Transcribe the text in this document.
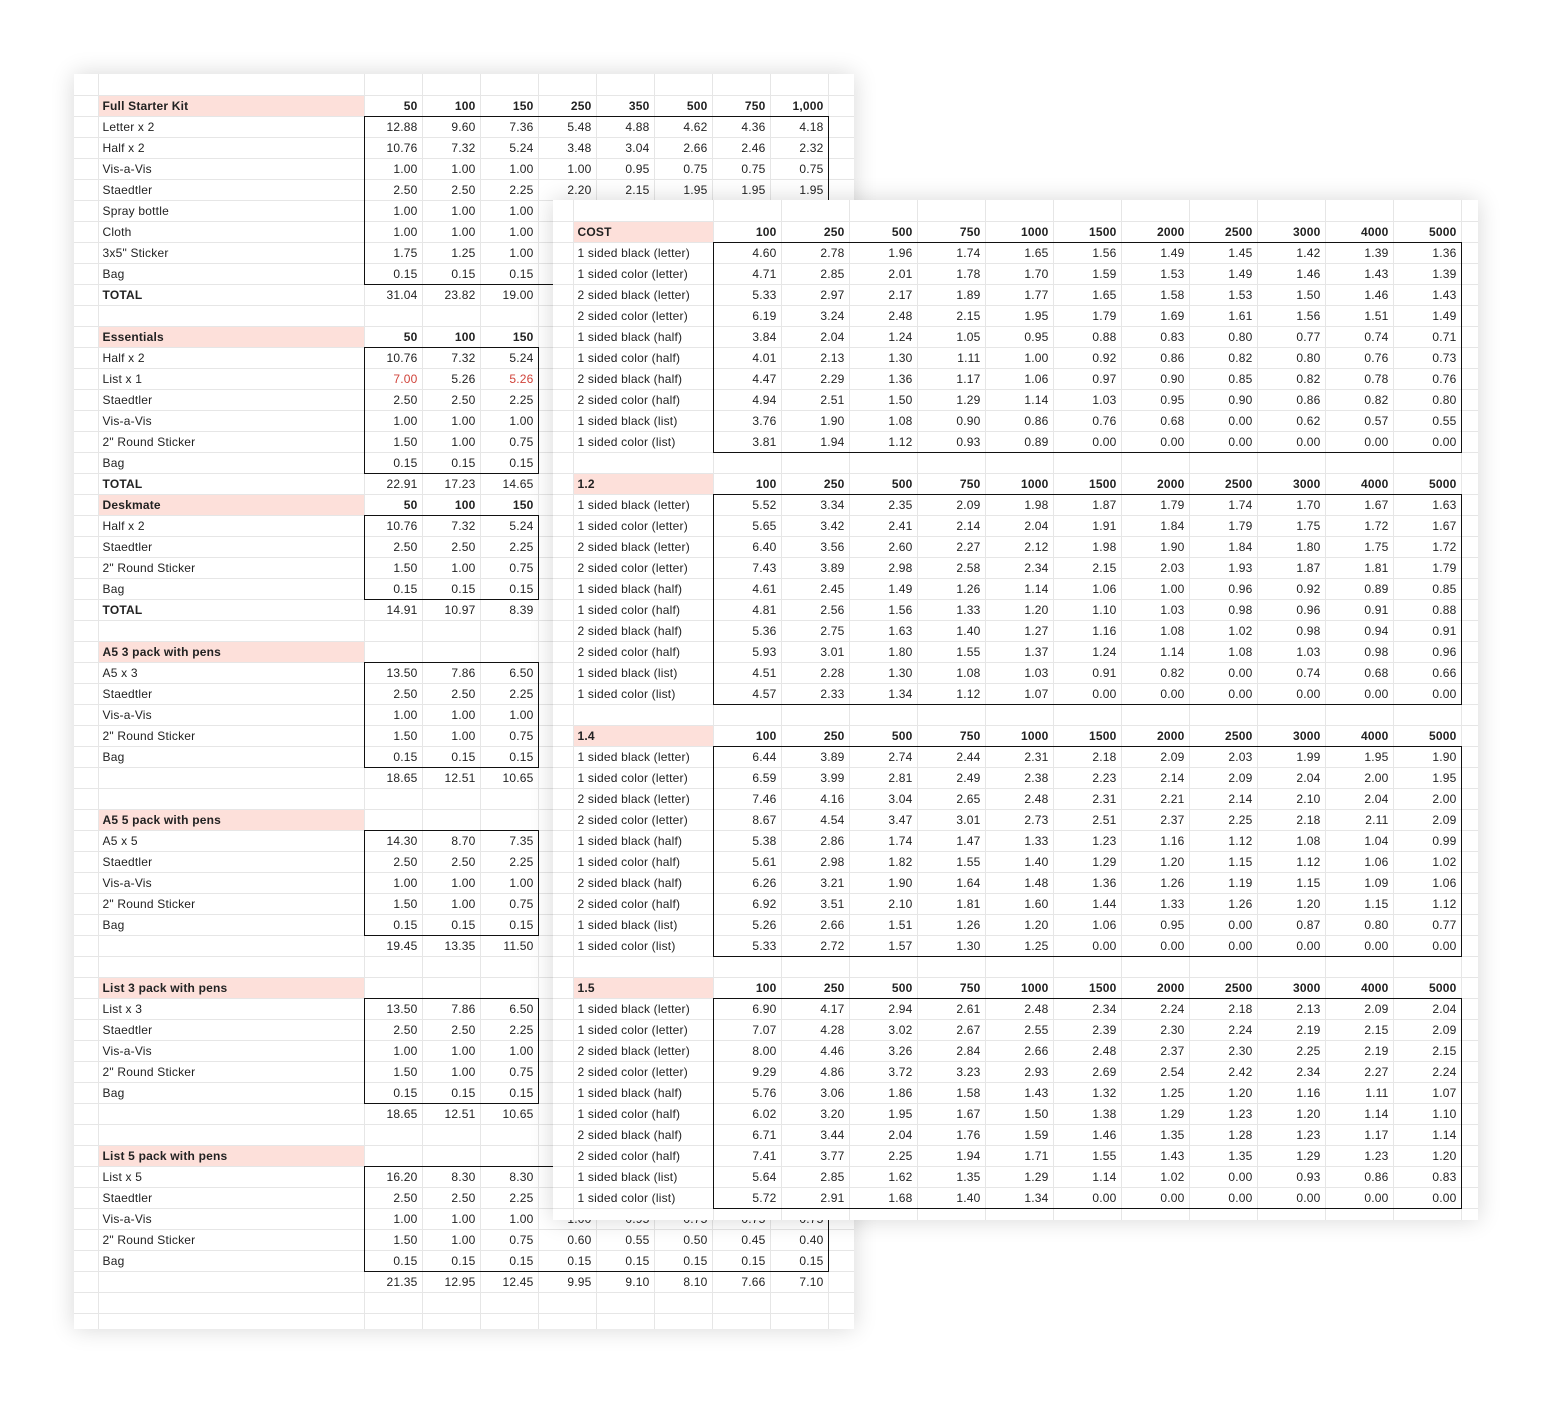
	Full Starter Kit	50	100	150	250	350	500	750	1,000	
	Letter x 2	12.88	9.60	7.36	5.48	4.88	4.62	4.36	4.18	
	Half x 2	10.76	7.32	5.24	3.48	3.04	2.66	2.46	2.32	
	Vis-a-Vis	1.00	1.00	1.00	1.00	0.95	0.75	0.75	0.75	
	Staedtler	2.50	2.50	2.25	2.20	2.15	1.95	1.95	1.95	
	Spray bottle	1.00	1.00	1.00						
	Cloth	1.00	1.00	1.00						
	3x5" Sticker	1.75	1.25	1.00						
	Bag	0.15	0.15	0.15						
	TOTAL	31.04	23.82	19.00						

	Essentials	50	100	150						
	Half x 2	10.76	7.32	5.24						
	List x 1	7.00	5.26	5.26						
	Staedtler	2.50	2.50	2.25						
	Vis-a-Vis	1.00	1.00	1.00						
	2" Round Sticker	1.50	1.00	0.75						
	Bag	0.15	0.15	0.15						
	TOTAL	22.91	17.23	14.65						
	Deskmate	50	100	150						
	Half x 2	10.76	7.32	5.24						
	Staedtler	2.50	2.50	2.25						
	2" Round Sticker	1.50	1.00	0.75						
	Bag	0.15	0.15	0.15						
	TOTAL	14.91	10.97	8.39						

	A5 3 pack with pens									
	A5 x 3	13.50	7.86	6.50						
	Staedtler	2.50	2.50	2.25						
	Vis-a-Vis	1.00	1.00	1.00						
	2" Round Sticker	1.50	1.00	0.75						
	Bag	0.15	0.15	0.15						
		18.65	12.51	10.65						

	A5 5 pack with pens									
	A5 x 5	14.30	8.70	7.35						
	Staedtler	2.50	2.50	2.25						
	Vis-a-Vis	1.00	1.00	1.00						
	2" Round Sticker	1.50	1.00	0.75						
	Bag	0.15	0.15	0.15						
		19.45	13.35	11.50						

	List 3 pack with pens									
	List x 3	13.50	7.86	6.50						
	Staedtler	2.50	2.50	2.25						
	Vis-a-Vis	1.00	1.00	1.00						
	2" Round Sticker	1.50	1.00	0.75						
	Bag	0.15	0.15	0.15						
		18.65	12.51	10.65						

	List 5 pack with pens									
	List x 5	16.20	8.30	8.30						
	Staedtler	2.50	2.50	2.25						
	Vis-a-Vis	1.00	1.00	1.00						
	2" Round Sticker	1.50	1.00	0.75	0.60	0.55	0.50	0.45	0.40	
	Bag	0.15	0.15	0.15	0.15	0.15	0.15	0.15	0.15	
		21.35	12.95	12.45	9.95	9.10	8.10	7.66	7.10	

	COST	100	250	500	750	1000	1500	2000	2500	3000	4000	5000	
	1 sided black (letter)	4.60	2.78	1.96	1.74	1.65	1.56	1.49	1.45	1.42	1.39	1.36	
	1 sided color (letter)	4.71	2.85	2.01	1.78	1.70	1.59	1.53	1.49	1.46	1.43	1.39	
	2 sided black (letter)	5.33	2.97	2.17	1.89	1.77	1.65	1.58	1.53	1.50	1.46	1.43	
	2 sided color (letter)	6.19	3.24	2.48	2.15	1.95	1.79	1.69	1.61	1.56	1.51	1.49	
	1 sided black (half)	3.84	2.04	1.24	1.05	0.95	0.88	0.83	0.80	0.77	0.74	0.71	
	1 sided color (half)	4.01	2.13	1.30	1.11	1.00	0.92	0.86	0.82	0.80	0.76	0.73	
	2 sided black (half)	4.47	2.29	1.36	1.17	1.06	0.97	0.90	0.85	0.82	0.78	0.76	
	2 sided color (half)	4.94	2.51	1.50	1.29	1.14	1.03	0.95	0.90	0.86	0.82	0.80	
	1 sided black (list)	3.76	1.90	1.08	0.90	0.86	0.76	0.68	0.00	0.62	0.57	0.55	
	1 sided color (list)	3.81	1.94	1.12	0.93	0.89	0.00	0.00	0.00	0.00	0.00	0.00	

	1.2	100	250	500	750	1000	1500	2000	2500	3000	4000	5000	
	1 sided black (letter)	5.52	3.34	2.35	2.09	1.98	1.87	1.79	1.74	1.70	1.67	1.63	
	1 sided color (letter)	5.65	3.42	2.41	2.14	2.04	1.91	1.84	1.79	1.75	1.72	1.67	
	2 sided black (letter)	6.40	3.56	2.60	2.27	2.12	1.98	1.90	1.84	1.80	1.75	1.72	
	2 sided color (letter)	7.43	3.89	2.98	2.58	2.34	2.15	2.03	1.93	1.87	1.81	1.79	
	1 sided black (half)	4.61	2.45	1.49	1.26	1.14	1.06	1.00	0.96	0.92	0.89	0.85	
	1 sided color (half)	4.81	2.56	1.56	1.33	1.20	1.10	1.03	0.98	0.96	0.91	0.88	
	2 sided black (half)	5.36	2.75	1.63	1.40	1.27	1.16	1.08	1.02	0.98	0.94	0.91	
	2 sided color (half)	5.93	3.01	1.80	1.55	1.37	1.24	1.14	1.08	1.03	0.98	0.96	
	1 sided black (list)	4.51	2.28	1.30	1.08	1.03	0.91	0.82	0.00	0.74	0.68	0.66	
	1 sided color (list)	4.57	2.33	1.34	1.12	1.07	0.00	0.00	0.00	0.00	0.00	0.00	

	1.4	100	250	500	750	1000	1500	2000	2500	3000	4000	5000	
	1 sided black (letter)	6.44	3.89	2.74	2.44	2.31	2.18	2.09	2.03	1.99	1.95	1.90	
	1 sided color (letter)	6.59	3.99	2.81	2.49	2.38	2.23	2.14	2.09	2.04	2.00	1.95	
	2 sided black (letter)	7.46	4.16	3.04	2.65	2.48	2.31	2.21	2.14	2.10	2.04	2.00	
	2 sided color (letter)	8.67	4.54	3.47	3.01	2.73	2.51	2.37	2.25	2.18	2.11	2.09	
	1 sided black (half)	5.38	2.86	1.74	1.47	1.33	1.23	1.16	1.12	1.08	1.04	0.99	
	1 sided color (half)	5.61	2.98	1.82	1.55	1.40	1.29	1.20	1.15	1.12	1.06	1.02	
	2 sided black (half)	6.26	3.21	1.90	1.64	1.48	1.36	1.26	1.19	1.15	1.09	1.06	
	2 sided color (half)	6.92	3.51	2.10	1.81	1.60	1.44	1.33	1.26	1.20	1.15	1.12	
	1 sided black (list)	5.26	2.66	1.51	1.26	1.20	1.06	0.95	0.00	0.87	0.80	0.77	
	1 sided color (list)	5.33	2.72	1.57	1.30	1.25	0.00	0.00	0.00	0.00	0.00	0.00	

	1.5	100	250	500	750	1000	1500	2000	2500	3000	4000	5000	
	1 sided black (letter)	6.90	4.17	2.94	2.61	2.48	2.34	2.24	2.18	2.13	2.09	2.04	
	1 sided color (letter)	7.07	4.28	3.02	2.67	2.55	2.39	2.30	2.24	2.19	2.15	2.09	
	2 sided black (letter)	8.00	4.46	3.26	2.84	2.66	2.48	2.37	2.30	2.25	2.19	2.15	
	2 sided color (letter)	9.29	4.86	3.72	3.23	2.93	2.69	2.54	2.42	2.34	2.27	2.24	
	1 sided black (half)	5.76	3.06	1.86	1.58	1.43	1.32	1.25	1.20	1.16	1.11	1.07	
	1 sided color (half)	6.02	3.20	1.95	1.67	1.50	1.38	1.29	1.23	1.20	1.14	1.10	
	2 sided black (half)	6.71	3.44	2.04	1.76	1.59	1.46	1.35	1.28	1.23	1.17	1.14	
	2 sided color (half)	7.41	3.77	2.25	1.94	1.71	1.55	1.43	1.35	1.29	1.23	1.20	
	1 sided black (list)	5.64	2.85	1.62	1.35	1.29	1.14	1.02	0.00	0.93	0.86	0.83	
	1 sided color (list)	5.72	2.91	1.68	1.40	1.34	0.00	0.00	0.00	0.00	0.00	0.00	
